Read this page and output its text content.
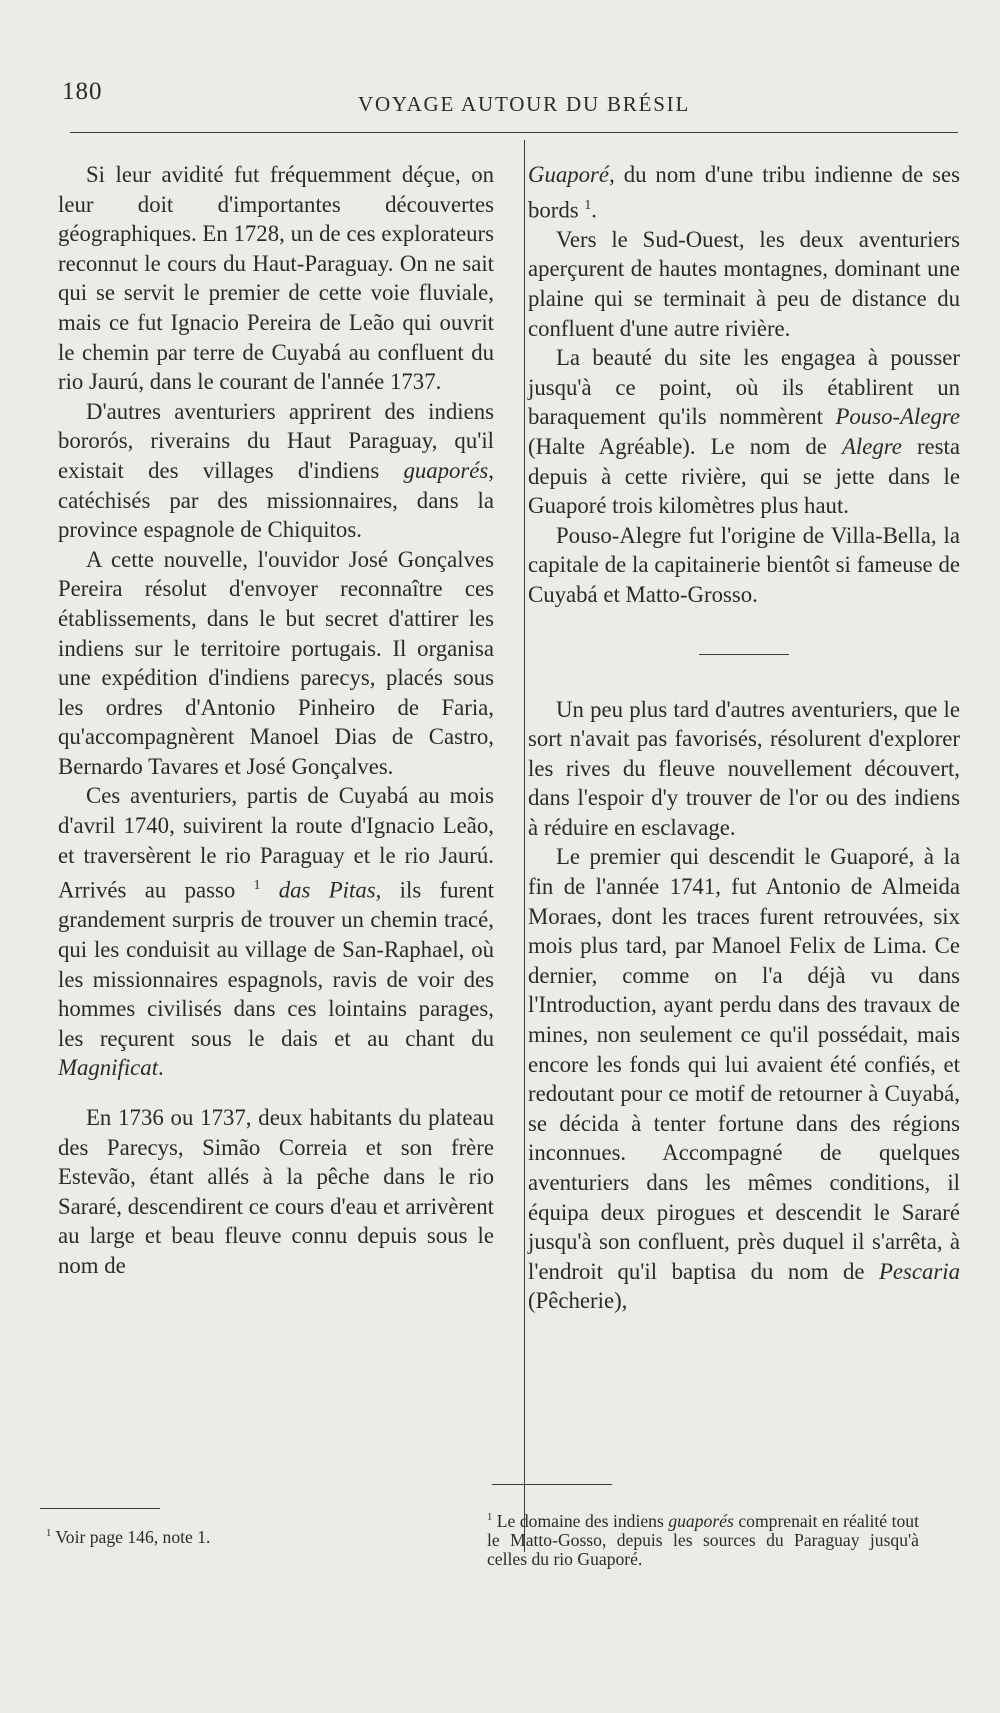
180	VOYAGE AUTOUR DU BRÉSIL

Si leur avidité fut fréquemment déçue, on leur doit d'importantes découvertes géographiques. En 1728, un de ces explorateurs reconnut le cours du Haut-Paraguay. On ne sait qui se servit le premier de cette voie fluviale, mais ce fut Ignacio Pereira de Leão qui ouvrit le chemin par terre de Cuyabá au confluent du rio Jaurú, dans le courant de l'année 1737.

D'autres aventuriers apprirent des indiens bororós, riverains du Haut Paraguay, qu'il existait des villages d'indiens guaporés, catéchisés par des missionnaires, dans la province espagnole de Chiquitos.

A cette nouvelle, l'ouvidor José Gonçalves Pereira résolut d'envoyer reconnaître ces établissements, dans le but secret d'attirer les indiens sur le territoire portugais. Il organisa une expédition d'indiens parecys, placés sous les ordres d'Antonio Pinheiro de Faria, qu'accompagnèrent Manoel Dias de Castro, Bernardo Tavares et José Gonçalves.

Ces aventuriers, partis de Cuyabá au mois d'avril 1740, suivirent la route d'Ignacio Leão, et traversèrent le rio Paraguay et le rio Jaurú. Arrivés au passo $^1$ das Pitas, ils furent grandement surpris de trouver un chemin tracé, qui les conduisit au village de San-Raphael, où les missionnaires espagnols, ravis de voir des hommes civilisés dans ces lointains parages, les reçurent sous le dais et au chant du Magnificat.

En 1736 ou 1737, deux habitants du plateau des Parecys, Simão Correia et son frère Estevão, étant allés à la pêche dans le rio Sararé, descendirent ce cours d'eau et arrivèrent au large et beau fleuve connu depuis sous le nom de

Guaporé, du nom d'une tribu indienne de ses bords $^1$.

Vers le Sud-Ouest, les deux aventuriers aperçurent de hautes montagnes, dominant une plaine qui se terminait à peu de distance du confluent d'une autre rivière.

La beauté du site les engagea à pousser jusqu'à ce point, où ils établirent un baraquement qu'ils nommèrent Pouso-Alegre (Halte Agréable). Le nom de Alegre resta depuis à cette rivière, qui se jette dans le Guaporé trois kilomètres plus haut.

Pouso-Alegre fut l'origine de Villa-Bella, la capitale de la capitainerie bientôt si fameuse de Cuyabá et Matto-Grosso.

Un peu plus tard d'autres aventuriers, que le sort n'avait pas favorisés, résolurent d'explorer les rives du fleuve nouvellement découvert, dans l'espoir d'y trouver de l'or ou des indiens à réduire en esclavage.

Le premier qui descendit le Guaporé, à la fin de l'année 1741, fut Antonio de Almeida Moraes, dont les traces furent retrouvées, six mois plus tard, par Manoel Felix de Lima. Ce dernier, comme on l'a déjà vu dans l'Introduction, ayant perdu dans des travaux de mines, non seulement ce qu'il possédait, mais encore les fonds qui lui avaient été confiés, et redoutant pour ce motif de retourner à Cuyabá, se décida à tenter fortune dans des régions inconnues. Accompagné de quelques aventuriers dans les mêmes conditions, il équipa deux pirogues et descendit le Sararé jusqu'à son confluent, près duquel il s'arrêta, à l'endroit qu'il baptisa du nom de Pescaria (Pêcherie),

$^1$ Voir page 146, note 1.
$^1$ Le domaine des indiens guaporés comprenait en réalité tout le Matto-Gosso, depuis les sources du Paraguay jusqu'à celles du rio Guaporé.
